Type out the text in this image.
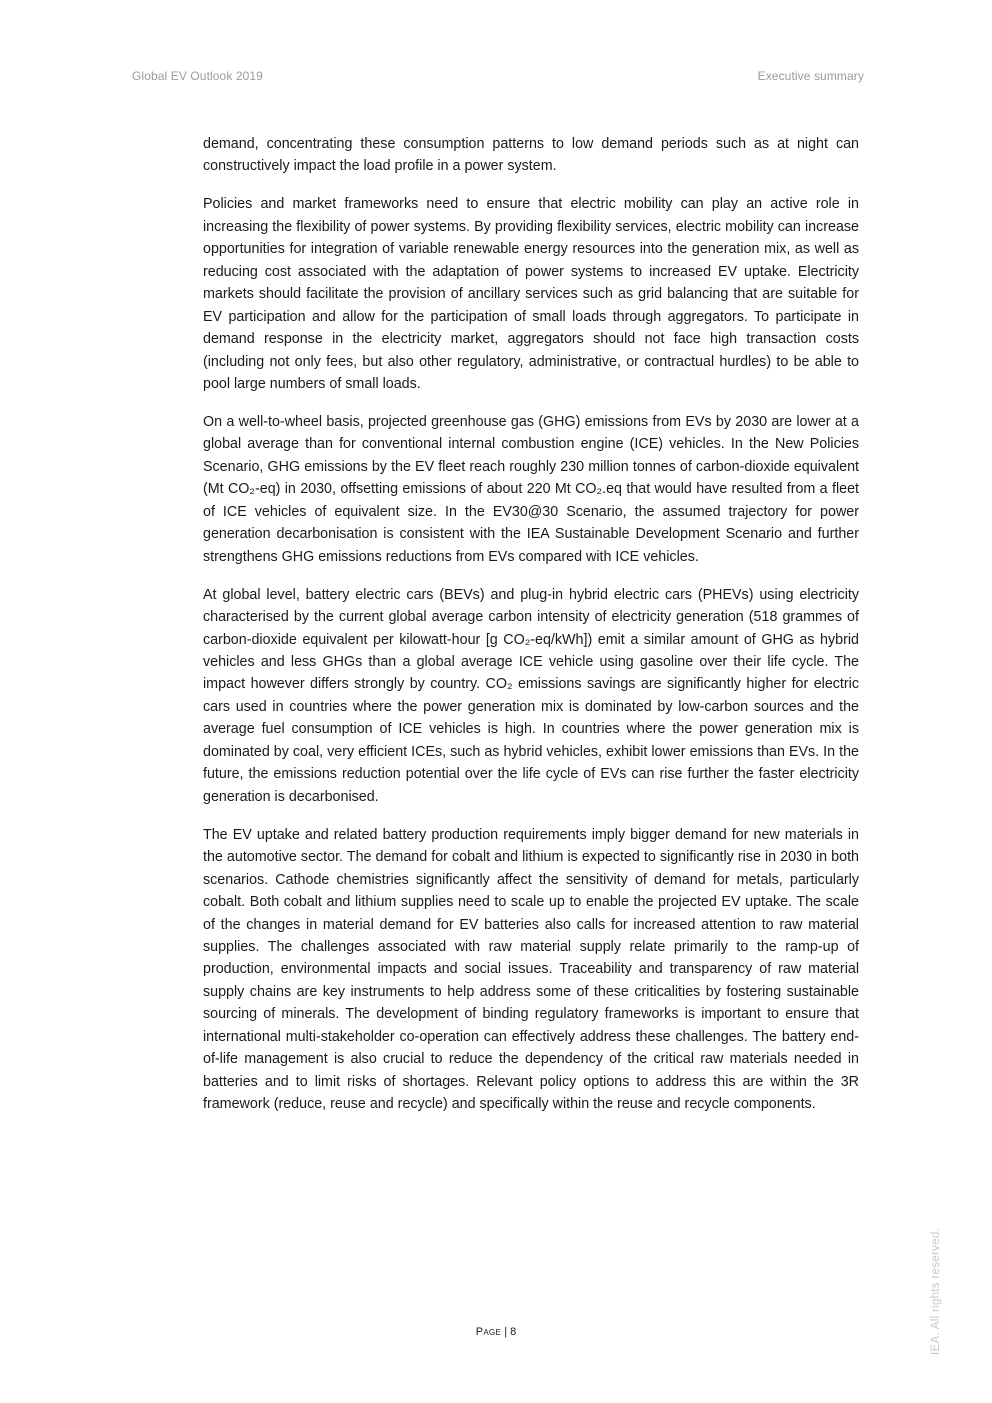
Global EV Outlook 2019	Executive summary

demand, concentrating these consumption patterns to low demand periods such as at night can constructively impact the load profile in a power system.

Policies and market frameworks need to ensure that electric mobility can play an active role in increasing the flexibility of power systems. By providing flexibility services, electric mobility can increase opportunities for integration of variable renewable energy resources into the generation mix, as well as reducing cost associated with the adaptation of power systems to increased EV uptake. Electricity markets should facilitate the provision of ancillary services such as grid balancing that are suitable for EV participation and allow for the participation of small loads through aggregators. To participate in demand response in the electricity market, aggregators should not face high transaction costs (including not only fees, but also other regulatory, administrative, or contractual hurdles) to be able to pool large numbers of small loads.

On a well-to-wheel basis, projected greenhouse gas (GHG) emissions from EVs by 2030 are lower at a global average than for conventional internal combustion engine (ICE) vehicles. In the New Policies Scenario, GHG emissions by the EV fleet reach roughly 230 million tonnes of carbon-dioxide equivalent (Mt CO₂-eq) in 2030, offsetting emissions of about 220 Mt CO₂.eq that would have resulted from a fleet of ICE vehicles of equivalent size. In the EV30@30 Scenario, the assumed trajectory for power generation decarbonisation is consistent with the IEA Sustainable Development Scenario and further strengthens GHG emissions reductions from EVs compared with ICE vehicles.

At global level, battery electric cars (BEVs) and plug-in hybrid electric cars (PHEVs) using electricity characterised by the current global average carbon intensity of electricity generation (518 grammes of carbon-dioxide equivalent per kilowatt-hour [g CO₂-eq/kWh]) emit a similar amount of GHG as hybrid vehicles and less GHGs than a global average ICE vehicle using gasoline over their life cycle. The impact however differs strongly by country. CO₂ emissions savings are significantly higher for electric cars used in countries where the power generation mix is dominated by low-carbon sources and the average fuel consumption of ICE vehicles is high. In countries where the power generation mix is dominated by coal, very efficient ICEs, such as hybrid vehicles, exhibit lower emissions than EVs. In the future, the emissions reduction potential over the life cycle of EVs can rise further the faster electricity generation is decarbonised.

The EV uptake and related battery production requirements imply bigger demand for new materials in the automotive sector. The demand for cobalt and lithium is expected to significantly rise in 2030 in both scenarios. Cathode chemistries significantly affect the sensitivity of demand for metals, particularly cobalt. Both cobalt and lithium supplies need to scale up to enable the projected EV uptake. The scale of the changes in material demand for EV batteries also calls for increased attention to raw material supplies. The challenges associated with raw material supply relate primarily to the ramp-up of production, environmental impacts and social issues. Traceability and transparency of raw material supply chains are key instruments to help address some of these criticalities by fostering sustainable sourcing of minerals. The development of binding regulatory frameworks is important to ensure that international multi-stakeholder co-operation can effectively address these challenges. The battery end-of-life management is also crucial to reduce the dependency of the critical raw materials needed in batteries and to limit risks of shortages. Relevant policy options to address this are within the 3R framework (reduce, reuse and recycle) and specifically within the reuse and recycle components.

Page | 8	IEA. All rights reserved.
